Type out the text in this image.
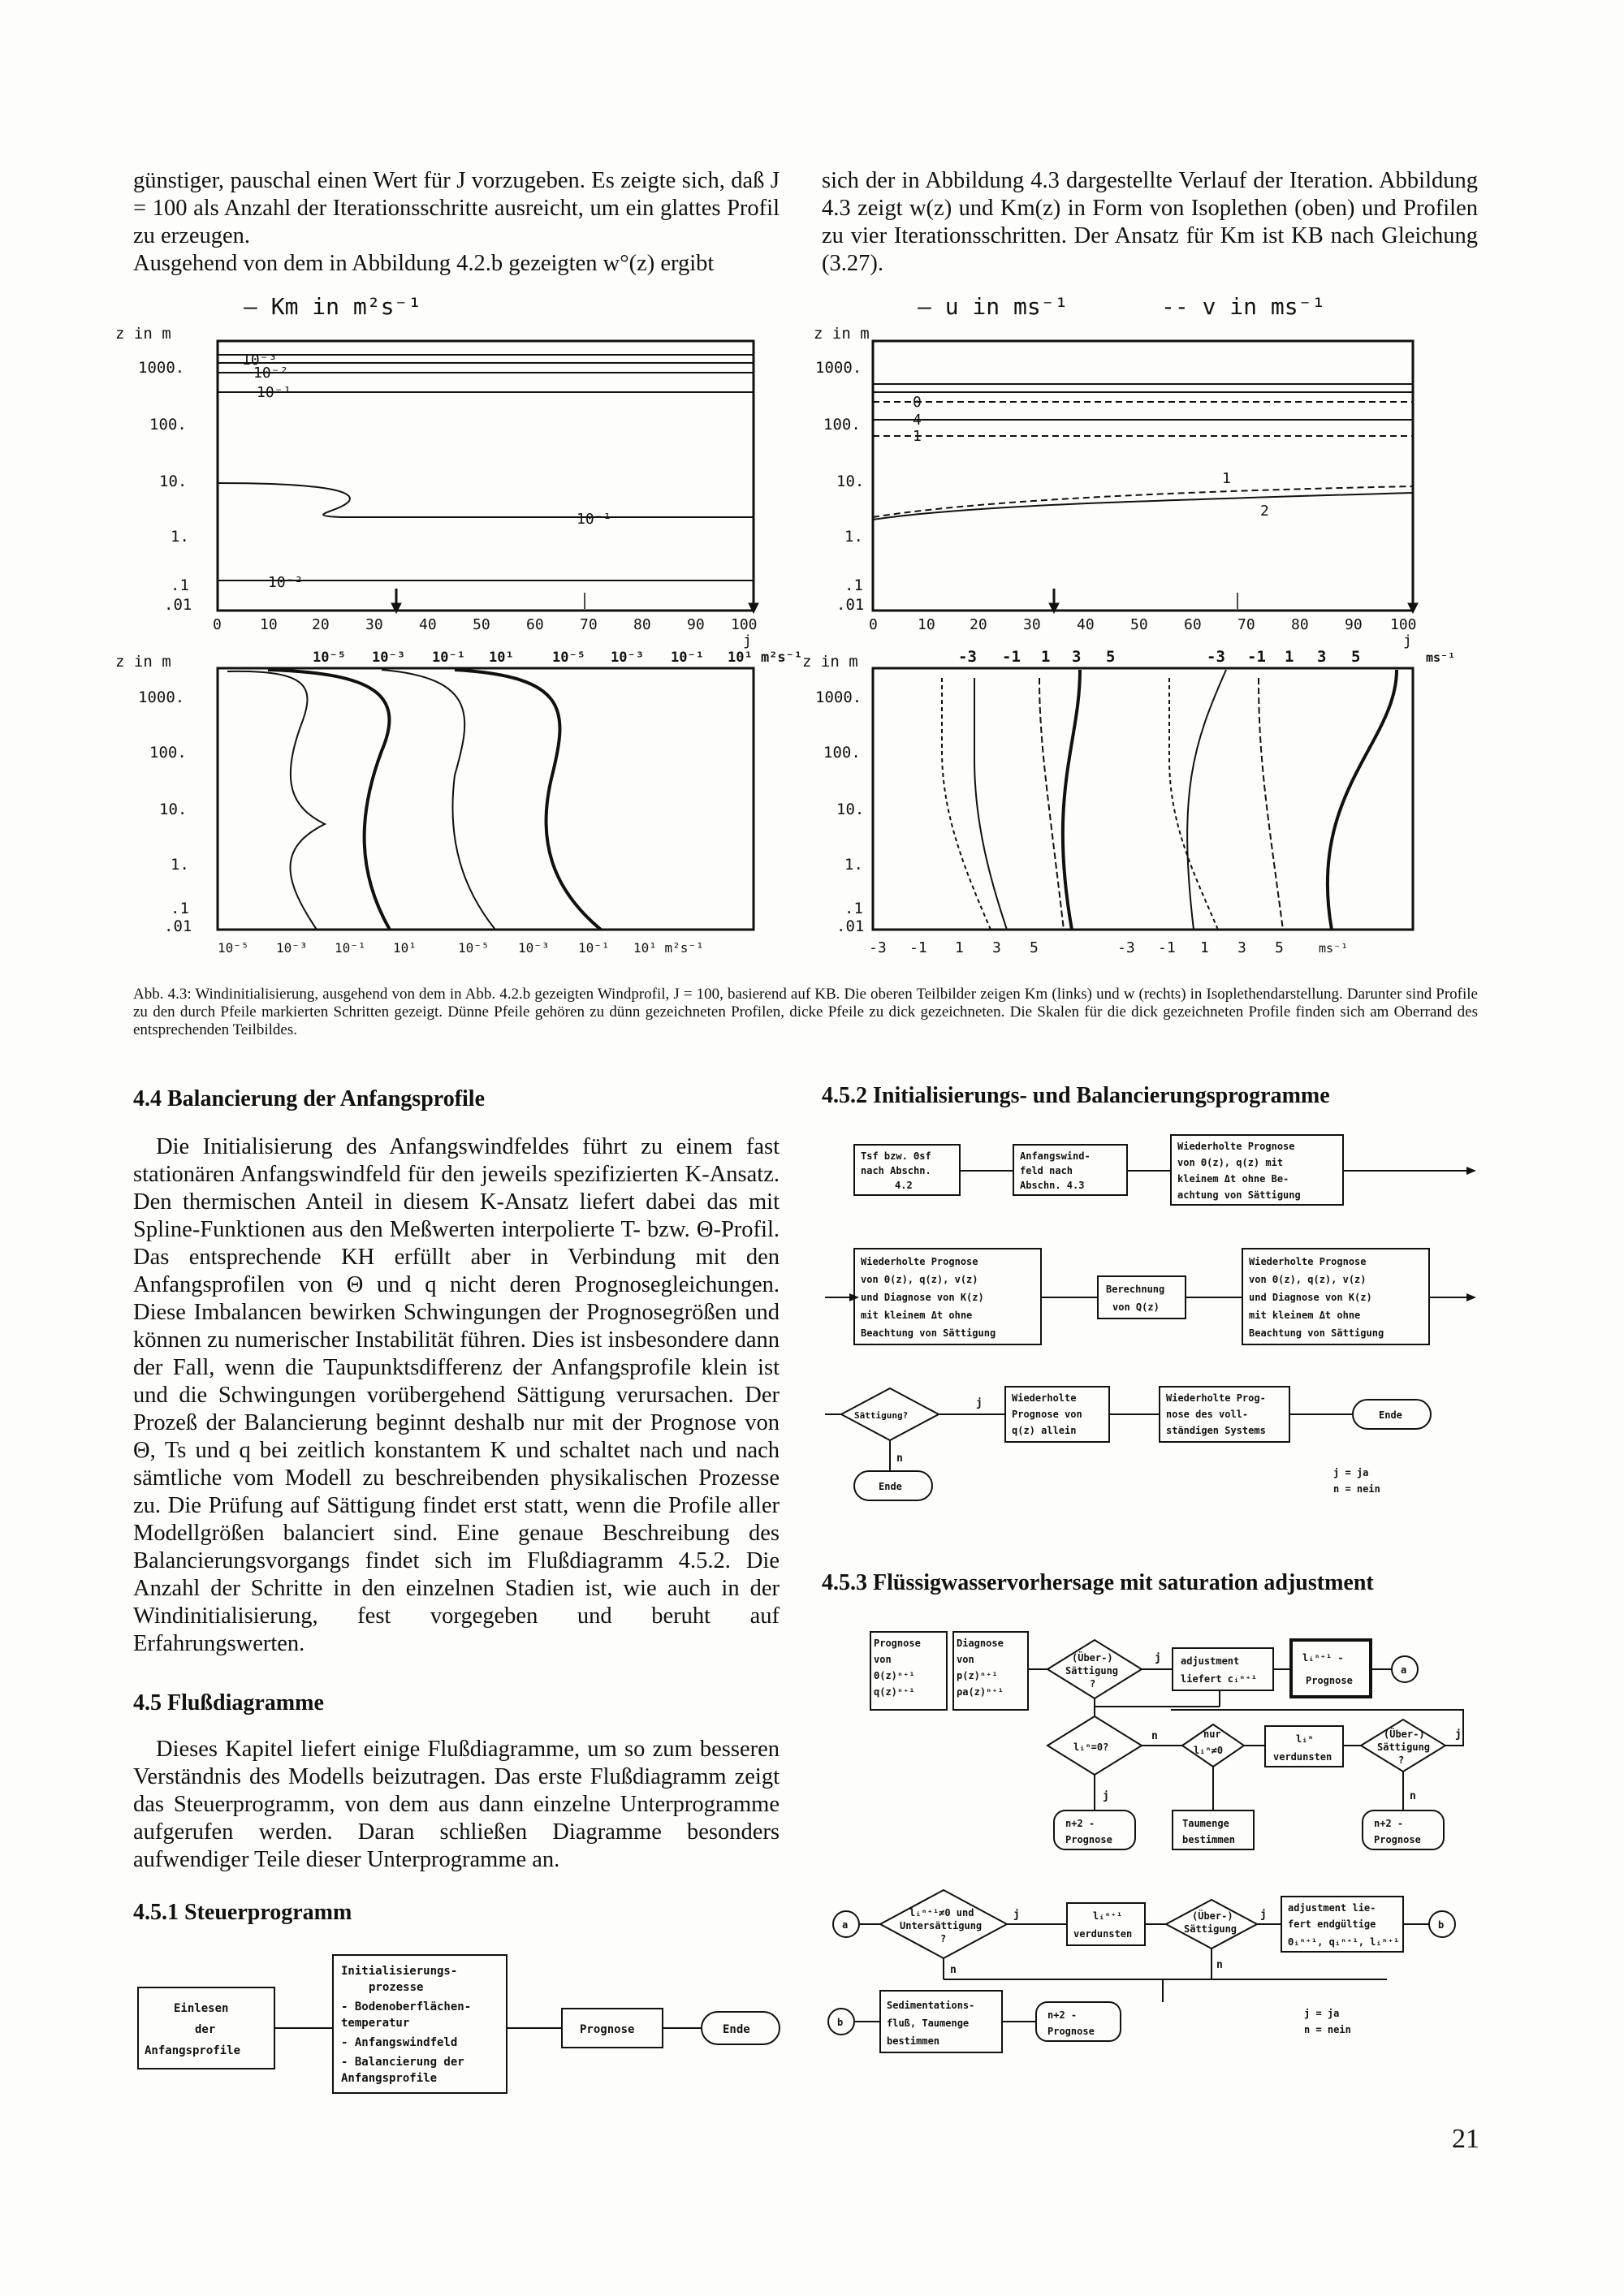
günstiger, pauschal einen Wert für J vorzugeben. Es zeigte sich, daß J = 100 als Anzahl der Iterationsschritte ausreicht, um ein glattes Profil zu erzeugen.

Ausgehend von dem in Abbildung 4.2.b gezeigten w°(z) ergibt

sich der in Abbildung 4.3 dargestellte Verlauf der Iteration. Abbildung 4.3 zeigt w(z) und Km(z) in Form von Isoplethen (oben) und Profilen zu vier Iterationsschritten. Der Ansatz für Km ist KB nach Gleichung (3.27).

— Km in m²s⁻¹	— u in ms⁻¹	-- v in ms⁻¹
z in m
1000.
100.
10.
1.
.1
.01
0	10 20 30 40 50 60 70 80 90 100
j
10⁻³
10⁻²
10⁻¹
10⁻¹
10⁻²
z in m
1000.
100.
10.
1.
.1
.01
0	10 20 30 40 50 60 70 80 90 100
j
0
4
1
1
2
z in m	10⁻⁵ 10⁻³ 10⁻¹ 10¹	10⁻⁵ 10⁻³ 10⁻¹ 10¹ m²s⁻¹
1000.
100.
10.
1.
.1
.01
10⁻⁵ 10⁻³ 10⁻¹ 10¹	10⁻⁵ 10⁻³ 10⁻¹ 10¹ m²s⁻¹
z in m	-3 -1 1 3 5	-3 -1 1 3 5	ms⁻¹
1000.
100.
10.
1.
.1
.01
-3 -1 1 3 5	-3 -1 1 3 5	ms⁻¹
Abb. 4.3: Windinitialisierung, ausgehend von dem in Abb. 4.2.b gezeigten Windprofil, J = 100, basierend auf KB. Die oberen Teilbilder zeigen Km (links) und w (rechts) in Isoplethendarstellung. Darunter sind Profile zu den durch Pfeile markierten Schritten gezeigt. Dünne Pfeile gehören zu dünn gezeichneten Profilen, dicke Pfeile zu dick gezeichneten. Die Skalen für die dick gezeichneten Profile finden sich am Oberrand des entsprechenden Teilbildes.
4.4 Balancierung der Anfangsprofile
Die Initialisierung des Anfangswindfeldes führt zu einem fast stationären Anfangswindfeld für den jeweils spezifizierten K-Ansatz. Den thermischen Anteil in diesem K-Ansatz liefert dabei das mit Spline-Funktionen aus den Meßwerten interpolierte T- bzw. Θ-Profil. Das entsprechende KH erfüllt aber in Verbindung mit den Anfangsprofilen von Θ und q nicht deren Prognosegleichungen. Diese Imbalancen bewirken Schwingungen der Prognosegrößen und können zu numerischer Instabilität führen. Dies ist insbesondere dann der Fall, wenn die Taupunktsdifferenz der Anfangsprofile klein ist und die Schwingungen vorübergehend Sättigung verursachen. Der Prozeß der Balancierung beginnt deshalb nur mit der Prognose von Θ, Ts und q bei zeitlich konstantem K und schaltet nach und nach sämtliche vom Modell zu beschreibenden physikalischen Prozesse zu. Die Prüfung auf Sättigung findet erst statt, wenn die Profile aller Modellgrößen balanciert sind. Eine genaue Beschreibung des Balancierungsvorgangs findet sich im Flußdiagramm 4.5.2. Die Anzahl der Schritte in den einzelnen Stadien ist, wie auch in der Windinitialisierung, fest vorgegeben und beruht auf Erfahrungswerten.
4.5 Flußdiagramme
Dieses Kapitel liefert einige Flußdiagramme, um so zum besseren Verständnis des Modells beizutragen. Das erste Flußdiagramm zeigt das Steuerprogramm, von dem aus dann einzelne Unterprogramme aufgerufen werden. Daran schließen Diagramme besonders aufwendiger Teile dieser Unterprogramme an.
4.5.1 Steuerprogramm
Einlesen
der
Anfangsprofile
Initialisierungs-
prozesse
- Bodenoberflächen-
temperatur
- Anfangswindfeld
- Balancierung der
Anfangsprofile
Prognose	Ende
4.5.2 Initialisierungs- und Balancierungsprogramme
Tsf bzw. Θsf
nach Abschn.
4.2
Anfangswind-
feld nach
Abschn. 4.3
Wiederholte Prognose
von Θ(z), q(z) mit
kleinem Δt ohne Be-
achtung von Sättigung
Wiederholte Prognose
von Θ(z), q(z), v(z)
und Diagnose von K(z)
mit kleinem Δt ohne
Beachtung von Sättigung
Berechnung
von Q(z)
Wiederholte Prognose
von Θ(z), q(z), v(z)
und Diagnose von K(z)
mit kleinem Δt ohne
Beachtung von Sättigung
Sättigung?
j	Wiederholte
Prognose von
q(z) allein
Wiederholte Prog-
nose des voll-
ständigen Systems
Ende
n
Ende
j = ja
n = nein
4.5.3 Flüssigwasservorhersage mit saturation adjustment
Prognose
von
Θ(z)ⁿ⁺¹
q(z)ⁿ⁺¹
Diagnose
von
p(z)ⁿ⁺¹
ρa(z)ⁿ⁺¹
(Über-)
Sättigung
?
j adjustment
liefert cᵢⁿ⁺¹
lᵢⁿ⁺¹ -
Prognose
a
lᵢⁿ=0?
n	nur
lᵢⁿ≠0
lᵢⁿ
verdunsten
(Über-)
Sättigung
?
j
j
n+2 -
Prognose
Taumenge
bestimmen
n
n+2 -
Prognose
a
lᵢⁿ⁺¹≠0 und
Untersättigung
?
j	lᵢⁿ⁺¹
verdunsten
(Über-)
Sättigung
j
adjustment lie-
fert endgültige
Θᵢⁿ⁺¹, qᵢⁿ⁺¹, lᵢⁿ⁺¹
b
n	n
b
Sedimentations-
fluß, Taumenge
bestimmen
n+2 -
Prognose
j = ja
n = nein
21
